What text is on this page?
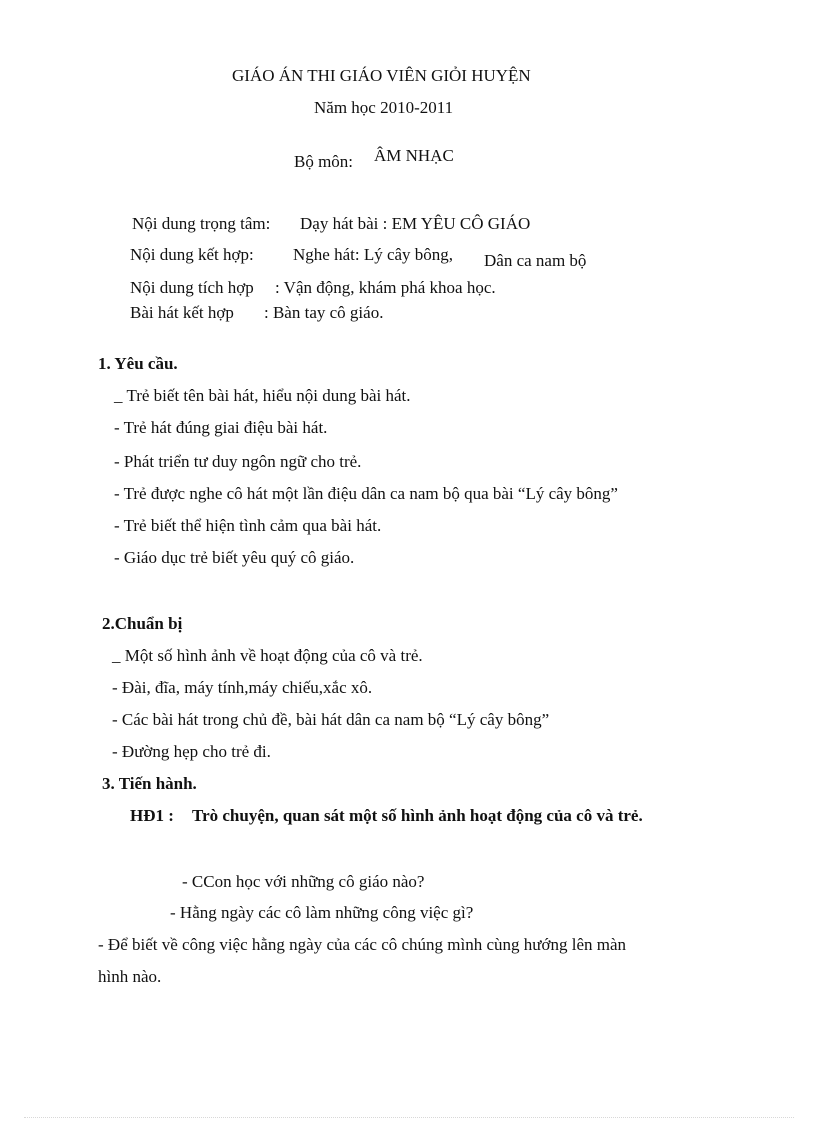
GIÁO ÁN THI GIÁO VIÊN GIỎI HUYỆN
Năm học 2010-2011
Bộ môn: ÂM NHẠC
Nội dung trọng tâm: Dạy hát bài : EM YÊU CÔ GIÁO
Nội dung kết hợp: Nghe hát: Lý cây bông, Dân ca nam bộ
Nội dung tích hợp : Vận động, khám phá khoa học.
Bài hát kết hợp : Bàn tay cô giáo.
1. Yêu cầu.
_ Trẻ biết tên bài hát, hiểu nội dung bài hát.
- Trẻ hát đúng giai điệu bài hát.
- Phát triển tư duy ngôn ngữ cho trẻ.
- Trẻ được nghe cô hát một lần điệu dân ca nam bộ qua bài “Lý cây bông”
- Trẻ biết thể hiện tình cảm qua bài hát.
- Giáo dục trẻ biết yêu quý cô giáo.
2.Chuẩn bị
_ Một số hình ảnh về hoạt động của cô và trẻ.
- Đài, đĩa, máy tính,máy chiếu,xắc xô.
- Các bài hát trong chủ đề, bài hát dân ca nam bộ “Lý cây bông”
- Đường hẹp cho trẻ đi.
3. Tiến hành.
HĐ1 : Trò chuyện, quan sát một số hình ảnh hoạt động của cô và trẻ.
- CCon học với những cô giáo nào?
- Hằng ngày các cô làm những công việc gì?
- Để biết về công việc hằng ngày của các cô chúng mình cùng hướng lên màn
hình nào.
